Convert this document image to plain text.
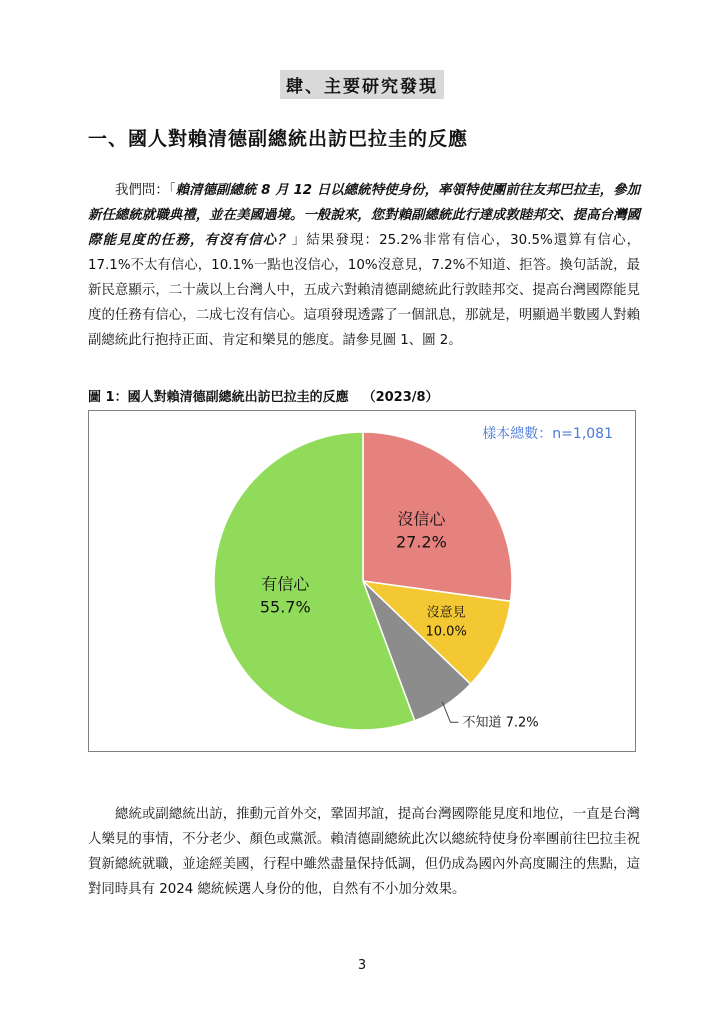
肆、主要研究發現
一、國人對賴清德副總統出訪巴拉圭的反應

我們問：「賴清德副總統 8 月 12 日以總統特使身份，率領特使團前往友邦巴拉圭，參加新任總統就職典禮，並在美國過境。一般說來，您對賴副總統此行達成敦睦邦交、提高台灣國際能見度的任務，有沒有信心？」結果發現：25.2%非常有信心，30.5%還算有信心，17.1%不太有信心，10.1%一點也沒信心，10%沒意見，7.2%不知道、拒答。換句話說，最新民意顯示，二十歲以上台灣人中，五成六對賴清德副總統此行敦睦邦交、提高台灣國際能見度的任務有信心，二成七沒有信心。這項發現透露了一個訊息，那就是，明顯過半數國人對賴副總統此行抱持正面、肯定和樂見的態度。請參見圖 1、圖 2。

圖 1：國人對賴清德副總統出訪巴拉圭的反應 （2023/8）
沒信心
27.2%
沒意見
10.0%
不知道 7.2%
有信心
55.7%
樣本總數：n=1,081

總統或副總統出訪，推動元首外交，鞏固邦誼，提高台灣國際能見度和地位，一直是台灣人樂見的事情，不分老少、顏色或黨派。賴清德副總統此次以總統特使身份率團前往巴拉圭祝賀新總統就職，並途經美國，行程中雖然盡量保持低調，但仍成為國內外高度關注的焦點，這對同時具有 2024 總統候選人身份的他，自然有不小加分效果。

3
